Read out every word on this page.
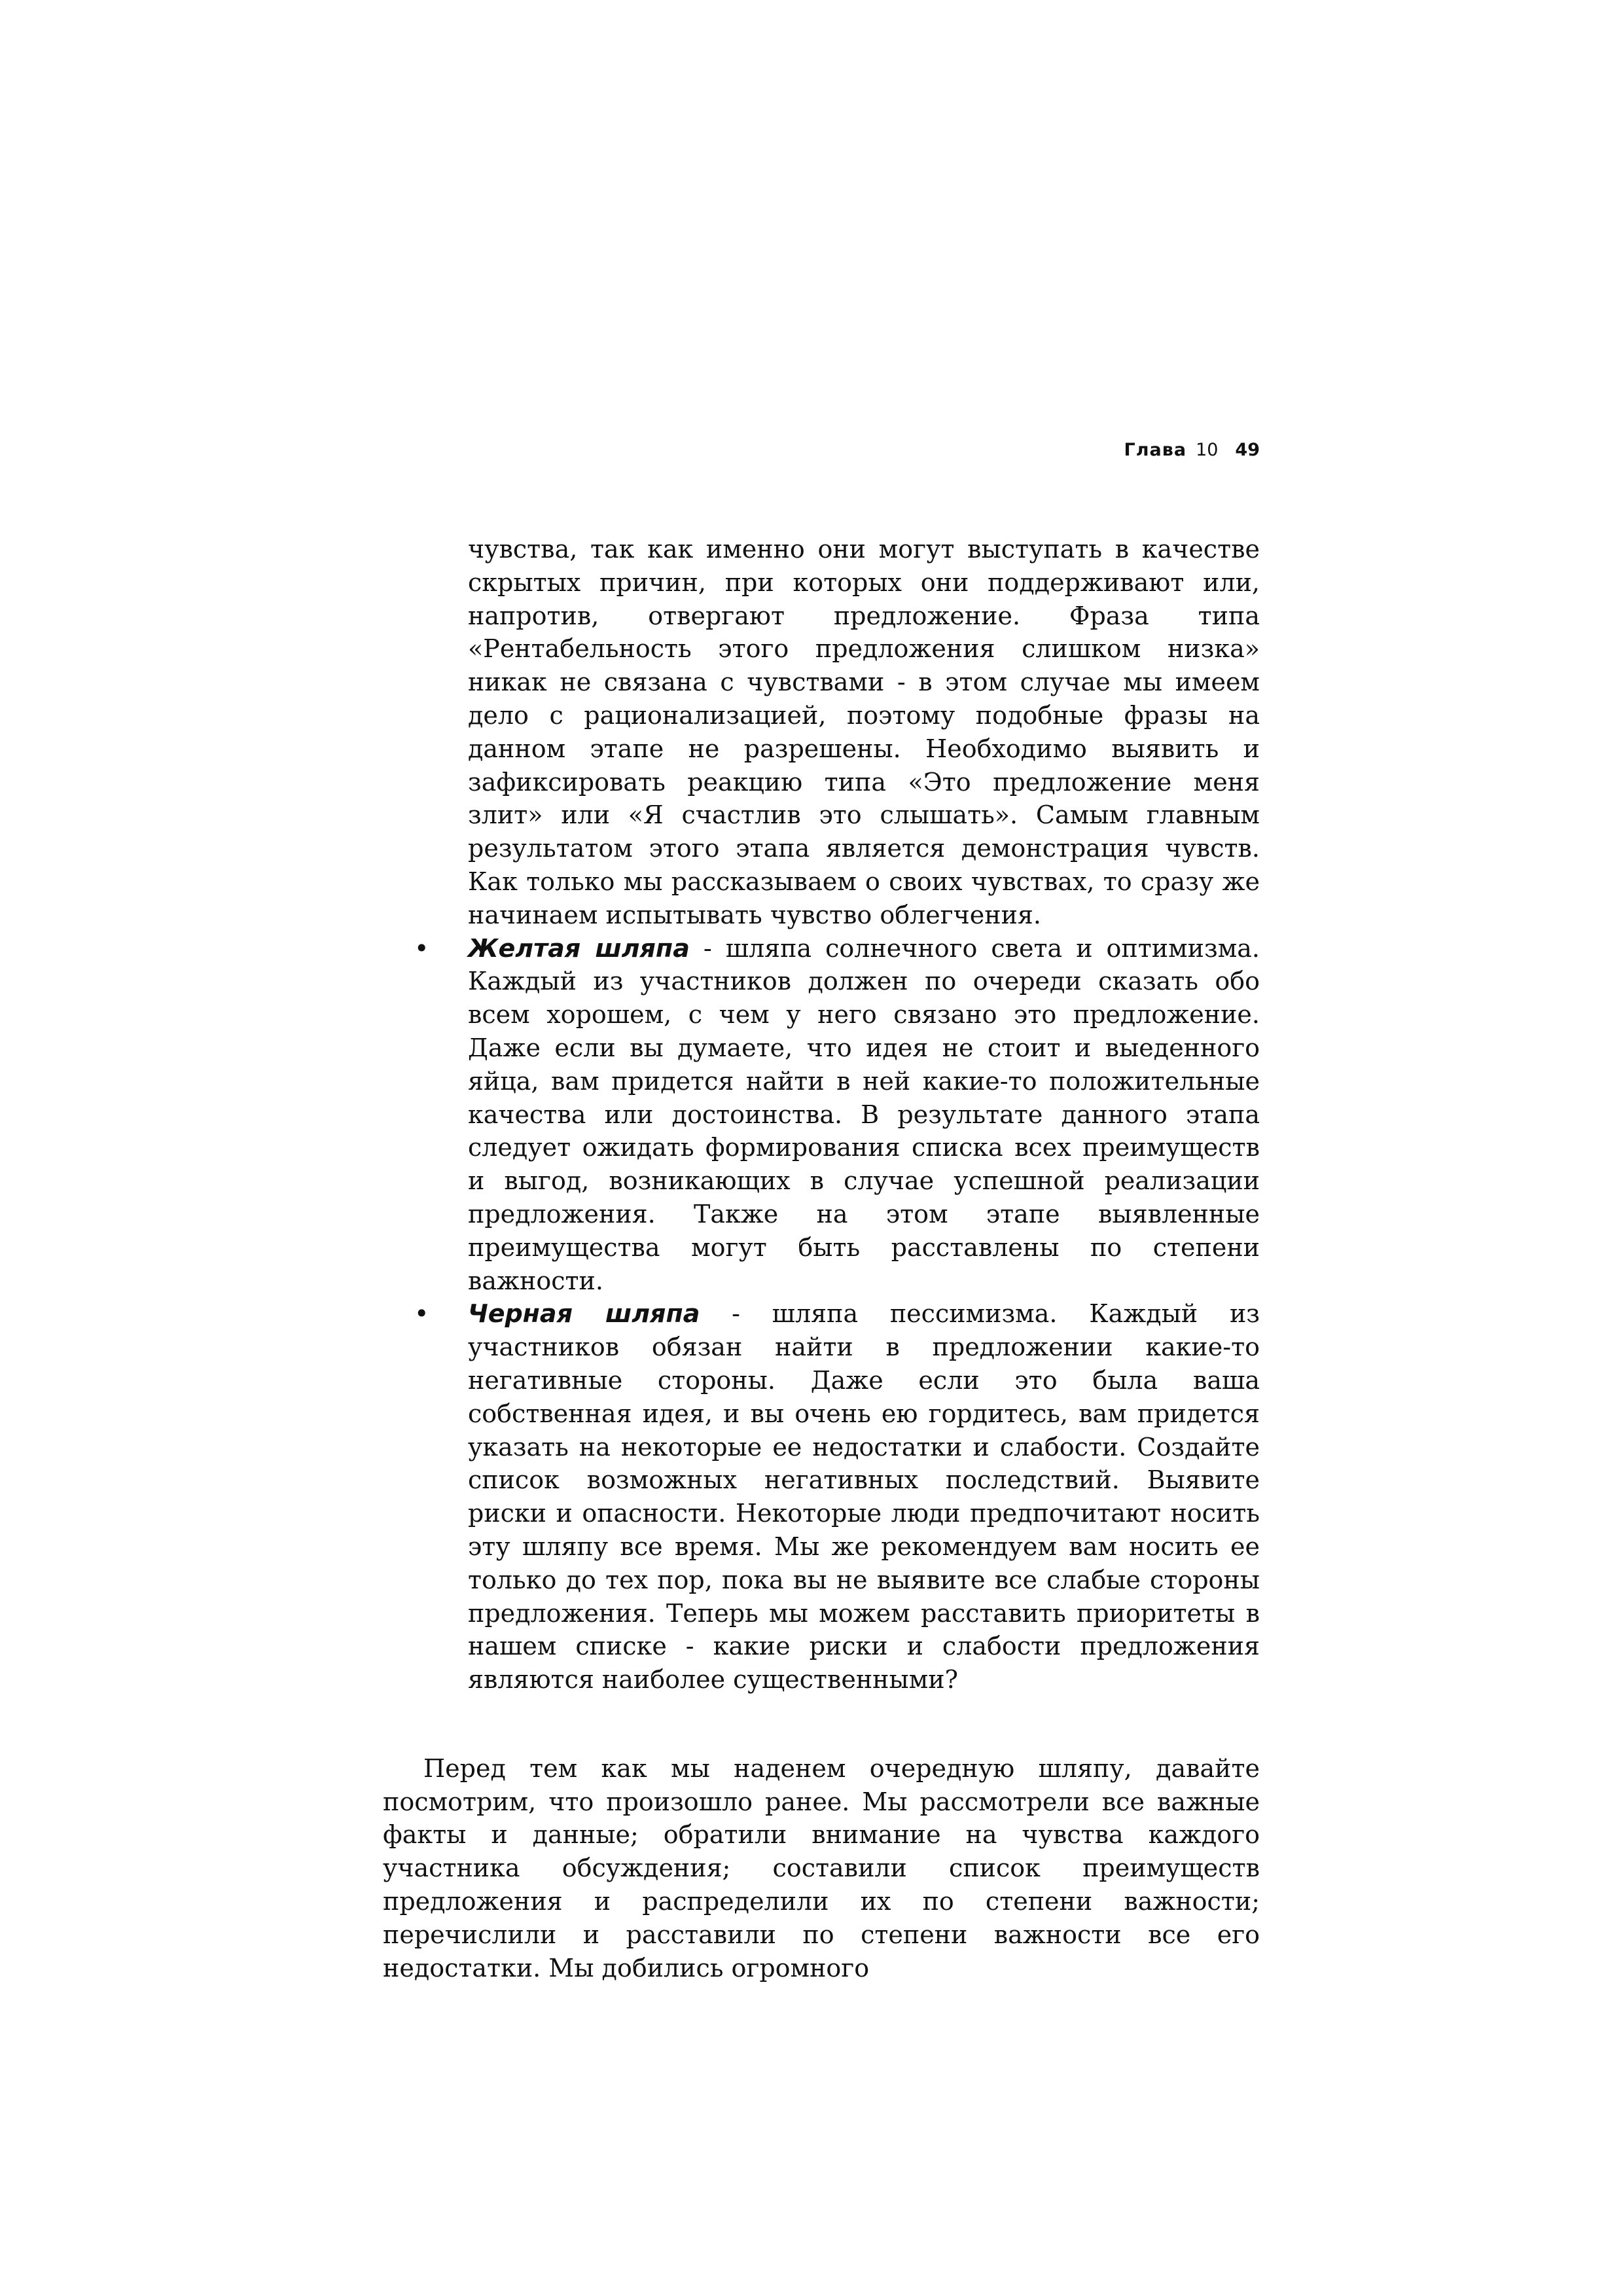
Глава 10 49

чувства, так как именно они могут выступать в качестве скрытых причин, при которых они поддерживают или, напротив, отвергают предложение. Фраза типа «Рентабельность этого предложения слишком низка» никак не связана с чувствами - в этом случае мы имеем дело с рационализацией, поэтому подобные фразы на данном этапе не разрешены. Необходимо выявить и зафиксировать реакцию типа «Это предложение меня злит» или «Я счастлив это слышать». Самым главным результатом этого этапа является демонстрация чувств. Как только мы рассказываем о своих чувствах, то сразу же начинаем испытывать чувство облегчения.

• Желтая шляпа - шляпа солнечного света и оптимизма. Каждый из участников должен по очереди сказать обо всем хорошем, с чем у него связано это предложение. Даже если вы думаете, что идея не стоит и выеденного яйца, вам придется найти в ней какие-то положительные качества или достоинства. В результате данного этапа следует ожидать формирования списка всех преимуществ и выгод, возникающих в случае успешной реализации предложения. Также на этом этапе выявленные преимущества могут быть расставлены по степени важности.
• Черная шляпа - шляпа пессимизма. Каждый из участников обязан найти в предложении какие-то негативные стороны. Даже если это была ваша собственная идея, и вы очень ею гордитесь, вам придется указать на некоторые ее недостатки и слабости. Создайте список возможных негативных последствий. Выявите риски и опасности. Некоторые люди предпочитают носить эту шляпу все время. Мы же рекомендуем вам носить ее только до тех пор, пока вы не выявите все слабые стороны предложения. Теперь мы можем расставить приоритеты в нашем списке - какие риски и слабости предложения являются наиболее существенными?

Перед тем как мы наденем очередную шляпу, давайте посмотрим, что произошло ранее. Мы рассмотрели все важные факты и данные; обратили внимание на чувства каждого участника обсуждения; составили список преимуществ предложения и распределили их по степени важности; перечислили и расставили по степени важности все его недостатки. Мы добились огромного
